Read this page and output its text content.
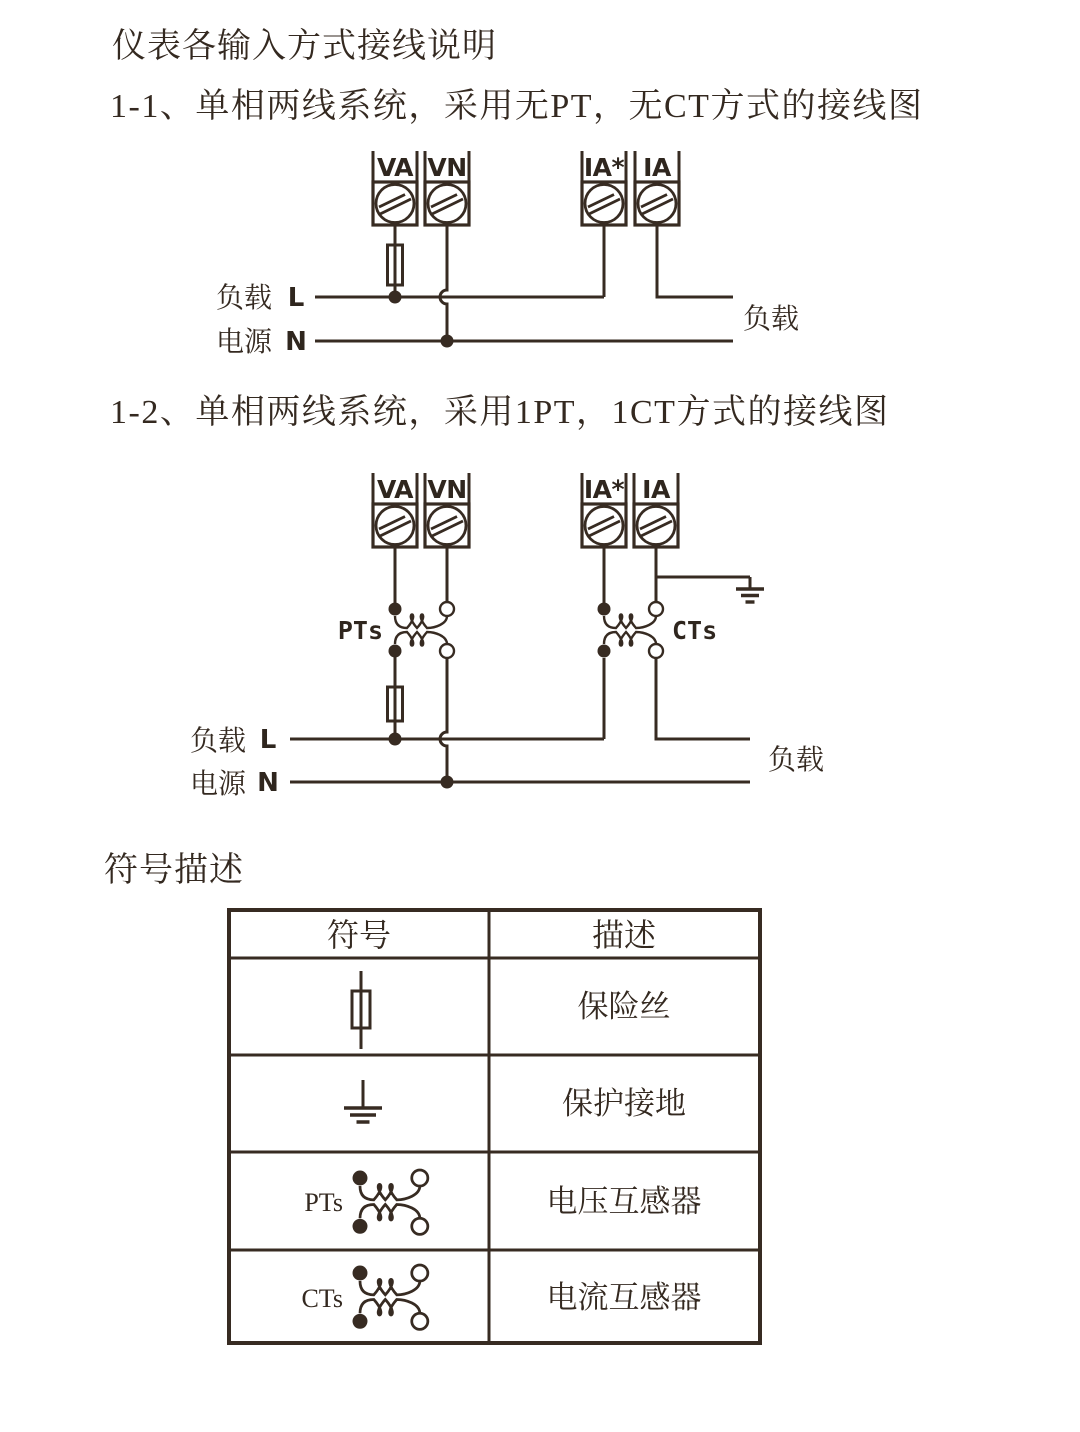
仪表各输入方式接线说明
1-1、单相两线系统，采用无PT，无CT方式的接线图
1-2、单相两线系统，采用1PT，1CT方式的接线图
符号描述
VA VN	IA* IA
负载 L
电源 N
负载
PTs	CTs
VA VN	IA* IA
负载 L
电源 N
负载
符号	描述
保险丝
保护接地
PTs	电压互感器
CTs	电流互感器
